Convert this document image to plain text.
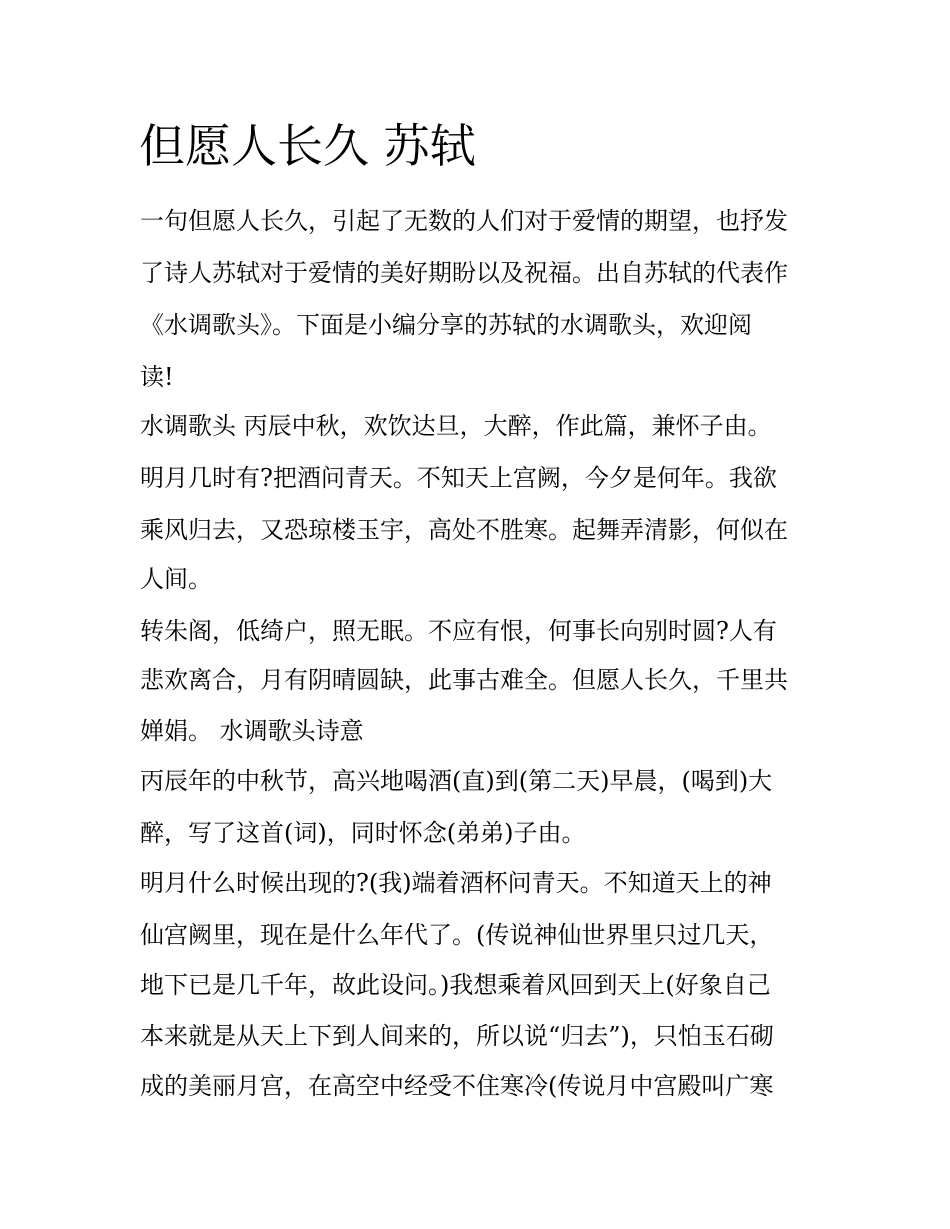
但愿人长久 苏轼

一句但愿人长久，引起了无数的人们对于爱情的期望，也抒发

了诗人苏轼对于爱情的美好期盼以及祝福。出自苏轼的代表作

《水调歌头》。下面是小编分享的苏轼的水调歌头，欢迎阅

读!

水调歌头 丙辰中秋，欢饮达旦，大醉，作此篇，兼怀子由。

明月几时有?把酒问青天。不知天上宫阙，今夕是何年。我欲

乘风归去，又恐琼楼玉宇，高处不胜寒。起舞弄清影，何似在

人间。

转朱阁，低绮户，照无眠。不应有恨，何事长向别时圆?人有

悲欢离合，月有阴晴圆缺，此事古难全。但愿人长久，千里共

婵娟。 水调歌头诗意

丙辰年的中秋节，高兴地喝酒(直)到(第二天)早晨，(喝到)大

醉，写了这首(词)，同时怀念(弟弟)子由。

明月什么时候出现的?(我)端着酒杯问青天。不知道天上的神

仙宫阙里，现在是什么年代了。(传说神仙世界里只过几天，

地下已是几千年，故此设问。)我想乘着风回到天上(好象自己

本来就是从天上下到人间来的，所以说“归去”)，只怕玉石砌

成的美丽月宫，在高空中经受不住寒冷(传说月中宫殿叫广寒
